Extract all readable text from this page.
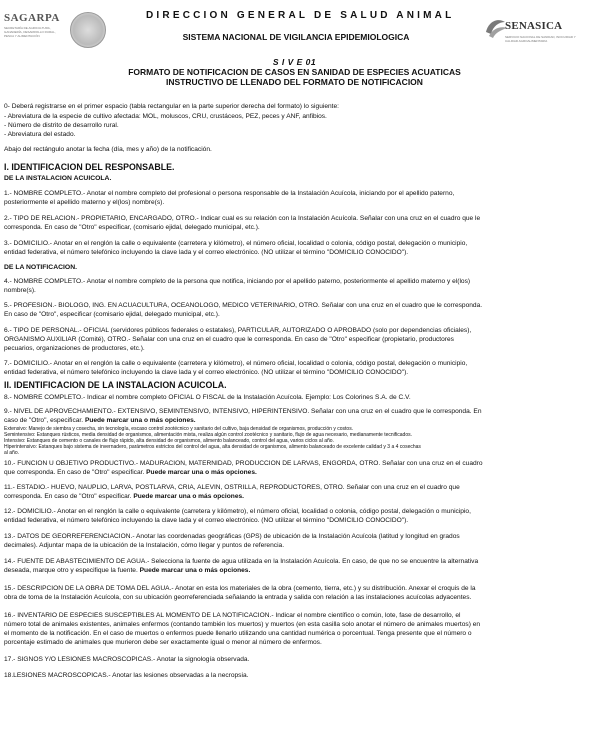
SAGARPA
SECRETARÍA DE AGRICULTURA, GANADERÍA, DESARROLLO RURAL, PESCA Y ALIMENTACIÓN
DIRECCION GENERAL DE SALUD ANIMAL
SISTEMA NACIONAL DE VIGILANCIA EPIDEMIOLOGICA
SENASICA
SERVICIO NACIONAL DE SANIDAD, INOCUIDAD Y CALIDAD AGROALIMENTARIA
S I V E 01
FORMATO DE NOTIFICACION DE CASOS EN SANIDAD DE ESPECIES ACUATICAS
INSTRUCTIVO DE LLENADO DEL FORMATO DE NOTIFICACION
0- Deberá registrarse en el primer espacio (tabla rectangular en la parte superior derecha del formato) lo siguiente:
- Abreviatura de la especie de cultivo afectada: MOL, moluscos, CRU, crustáceos, PEZ, peces y ANF, anfibios.
- Número de distrito de desarrollo rural.
- Abreviatura del estado.
Abajo del rectángulo anotar la fecha (día, mes y año) de la notificación.
I. IDENTIFICACION DEL RESPONSABLE.
DE LA INSTALACION ACUICOLA.
1.- NOMBRE COMPLETO.- Anotar el nombre completo del profesional o persona responsable de la Instalación Acuícola, iniciando por el apellido paterno,
posteriormente el apellido materno y el(los) nombre(s).
2.- TIPO DE RELACION.- PROPIETARIO, ENCARGADO, OTRO.- Indicar cual es su relación con la Instalación Acuícola. Señalar con una cruz en el cuadro que le
corresponda. En caso de "Otro" especificar, (comisario ejidal, delegado municipal, etc.).
3.- DOMICILIO.- Anotar en el renglón la calle o equivalente (carretera y kilómetro), el número oficial, localidad o colonia, código postal, delegación o municipio,
entidad federativa, el número telefónico incluyendo la clave lada y el correo electrónico. (NO utilizar el término "DOMICILIO CONOCIDO").
DE LA NOTIFICACION.
4.- NOMBRE COMPLETO.- Anotar el nombre completo de la persona que notifica, iniciando por el apellido paterno, posteriormente el apellido materno y el(los)
nombre(s).
5.- PROFESION.- BIOLOGO, ING. EN ACUACULTURA, OCEANOLOGO, MEDICO VETERINARIO, OTRO. Señalar con una cruz en el cuadro que le corresponda.
En caso de "Otro", especificar (comisario ejidal, delegado municipal, etc.).
6.- TIPO DE PERSONAL.- OFICIAL (servidores públicos federales o estatales), PARTICULAR, AUTORIZADO O APROBADO (solo por dependencias oficiales),
ORGANISMO AUXILIAR (Comité), OTRO.- Señalar con una cruz en el cuadro que le corresponda. En caso de "Otro" especificar (propietario, productores
pecuarios, organizaciones de productores, etc.).
7.- DOMICILIO.- Anotar en el renglón la calle o equivalente (carretera y kilómetro), el número oficial, localidad o colonia, código postal, delegación o municipio,
entidad federativa, el número telefónico incluyendo la clave lada y el correo electrónico. (NO utilizar el término "DOMICILIO CONOCIDO").
II. IDENTIFICACION DE LA INSTALACION ACUICOLA.
8.- NOMBRE COMPLETO.- Indicar el nombre completo OFICIAL O FISCAL de la Instalación Acuícola. Ejemplo: Los Colorines S.A. de C.V.
9.- NIVEL DE APROVECHAMIENTO.- EXTENSIVO, SEMINTENSIVO, INTENSIVO, HIPERINTENSIVO. Señalar con una cruz en el cuadro que le corresponda. En
caso de "Otro", especificar. Puede marcar una o más opciones.
Extensivo: Manejo de siembra y cosecha, sin tecnología, escaso control zootécnico y sanitario del cultivo, baja densidad de organismos, producción y costos.
Semintensivo: Estanques rústicos, media densidad de organismos, alimentación mixta, realiza algún control zootécnico y sanitario, flujo de agua necesario, medianamente tecnificados.
Intensivo: Estanques de cemento o canales de flujo rápido, alta densidad de organismos, alimento balanceado, control del agua, varios ciclos al año.
Hiperintensivo: Estanques bajo sistema de invernadero, parámetros estrictos del control del agua, alta densidad de organismos, alimento balanceado de excelente calidad y 3 a 4 cosechas
al año.
10.- FUNCION U OBJETIVO PRODUCTIVO.- MADURACION, MATERNIDAD, PRODUCCION DE LARVAS, ENGORDA, OTRO. Señalar con una cruz en el cuadro
que corresponda. En caso de "Otro" especificar. Puede marcar una o más opciones.
11.- ESTADIO.- HUEVO, NAUPLIO, LARVA, POSTLARVA, CRIA, ALEVIN, OSTRILLA, REPRODUCTORES, OTRO. Señalar con una cruz en el cuadro que
corresponda. En caso de "Otro" especificar. Puede marcar una o más opciones.
12.- DOMICILIO.- Anotar en el renglón la calle o equivalente (carretera y kilómetro), el número oficial, localidad o colonia, código postal, delegación o municipio,
entidad federativa, el número telefónico incluyendo la clave lada y el correo electrónico. (NO utilizar el término "DOMICILIO CONOCIDO").
13.- DATOS DE GEORREFERENCIACION.- Anotar las coordenadas geográficas (GPS) de ubicación de la Instalación Acuícola (latitud y longitud en grados
decimales). Adjuntar mapa de la ubicación de la Instalación, cómo llegar y puntos de referencia.
14.- FUENTE DE ABASTECIMIENTO DE AGUA.- Selecciona la fuente de agua utilizada en la Instalación Acuícola. En caso, de que no se encuentre la alternativa
deseada, marque otro y especifique la fuente. Puede marcar una o más opciones.
15.- DESCRIPCION DE LA OBRA DE TOMA DEL AGUA.- Anotar en esta los materiales de la obra (cemento, tierra, etc.) y su distribución. Anexar el croquis de la
obra de toma de la Instalación Acuícola, con su ubicación georreferenciada señalando la entrada y salida con relación a las instalaciones acuícolas adyacentes.
16.- INVENTARIO DE ESPECIES SUSCEPTIBLES AL MOMENTO DE LA NOTIFICACION.- Indicar el nombre científico o común, lote, fase de desarrollo, el
número total de animales existentes, animales enfermos (contando también los muertos) y muertos (en esta casilla solo anotar el número de animales muertos) en
el momento de la notificación. En el caso de muertos o enfermos puede llenarlo utilizando una cantidad numérica o porcentual. Tenga presente que el número o
porcentaje estimado de animales que murieron debe ser exactamente igual o menor al número de enfermos.
17.- SIGNOS Y/O LESIONES MACROSCOPICAS.- Anotar la signología observada.
18.LESIONES MACROSCOPICAS.- Anotar las lesiones observadas a la necropsia.
